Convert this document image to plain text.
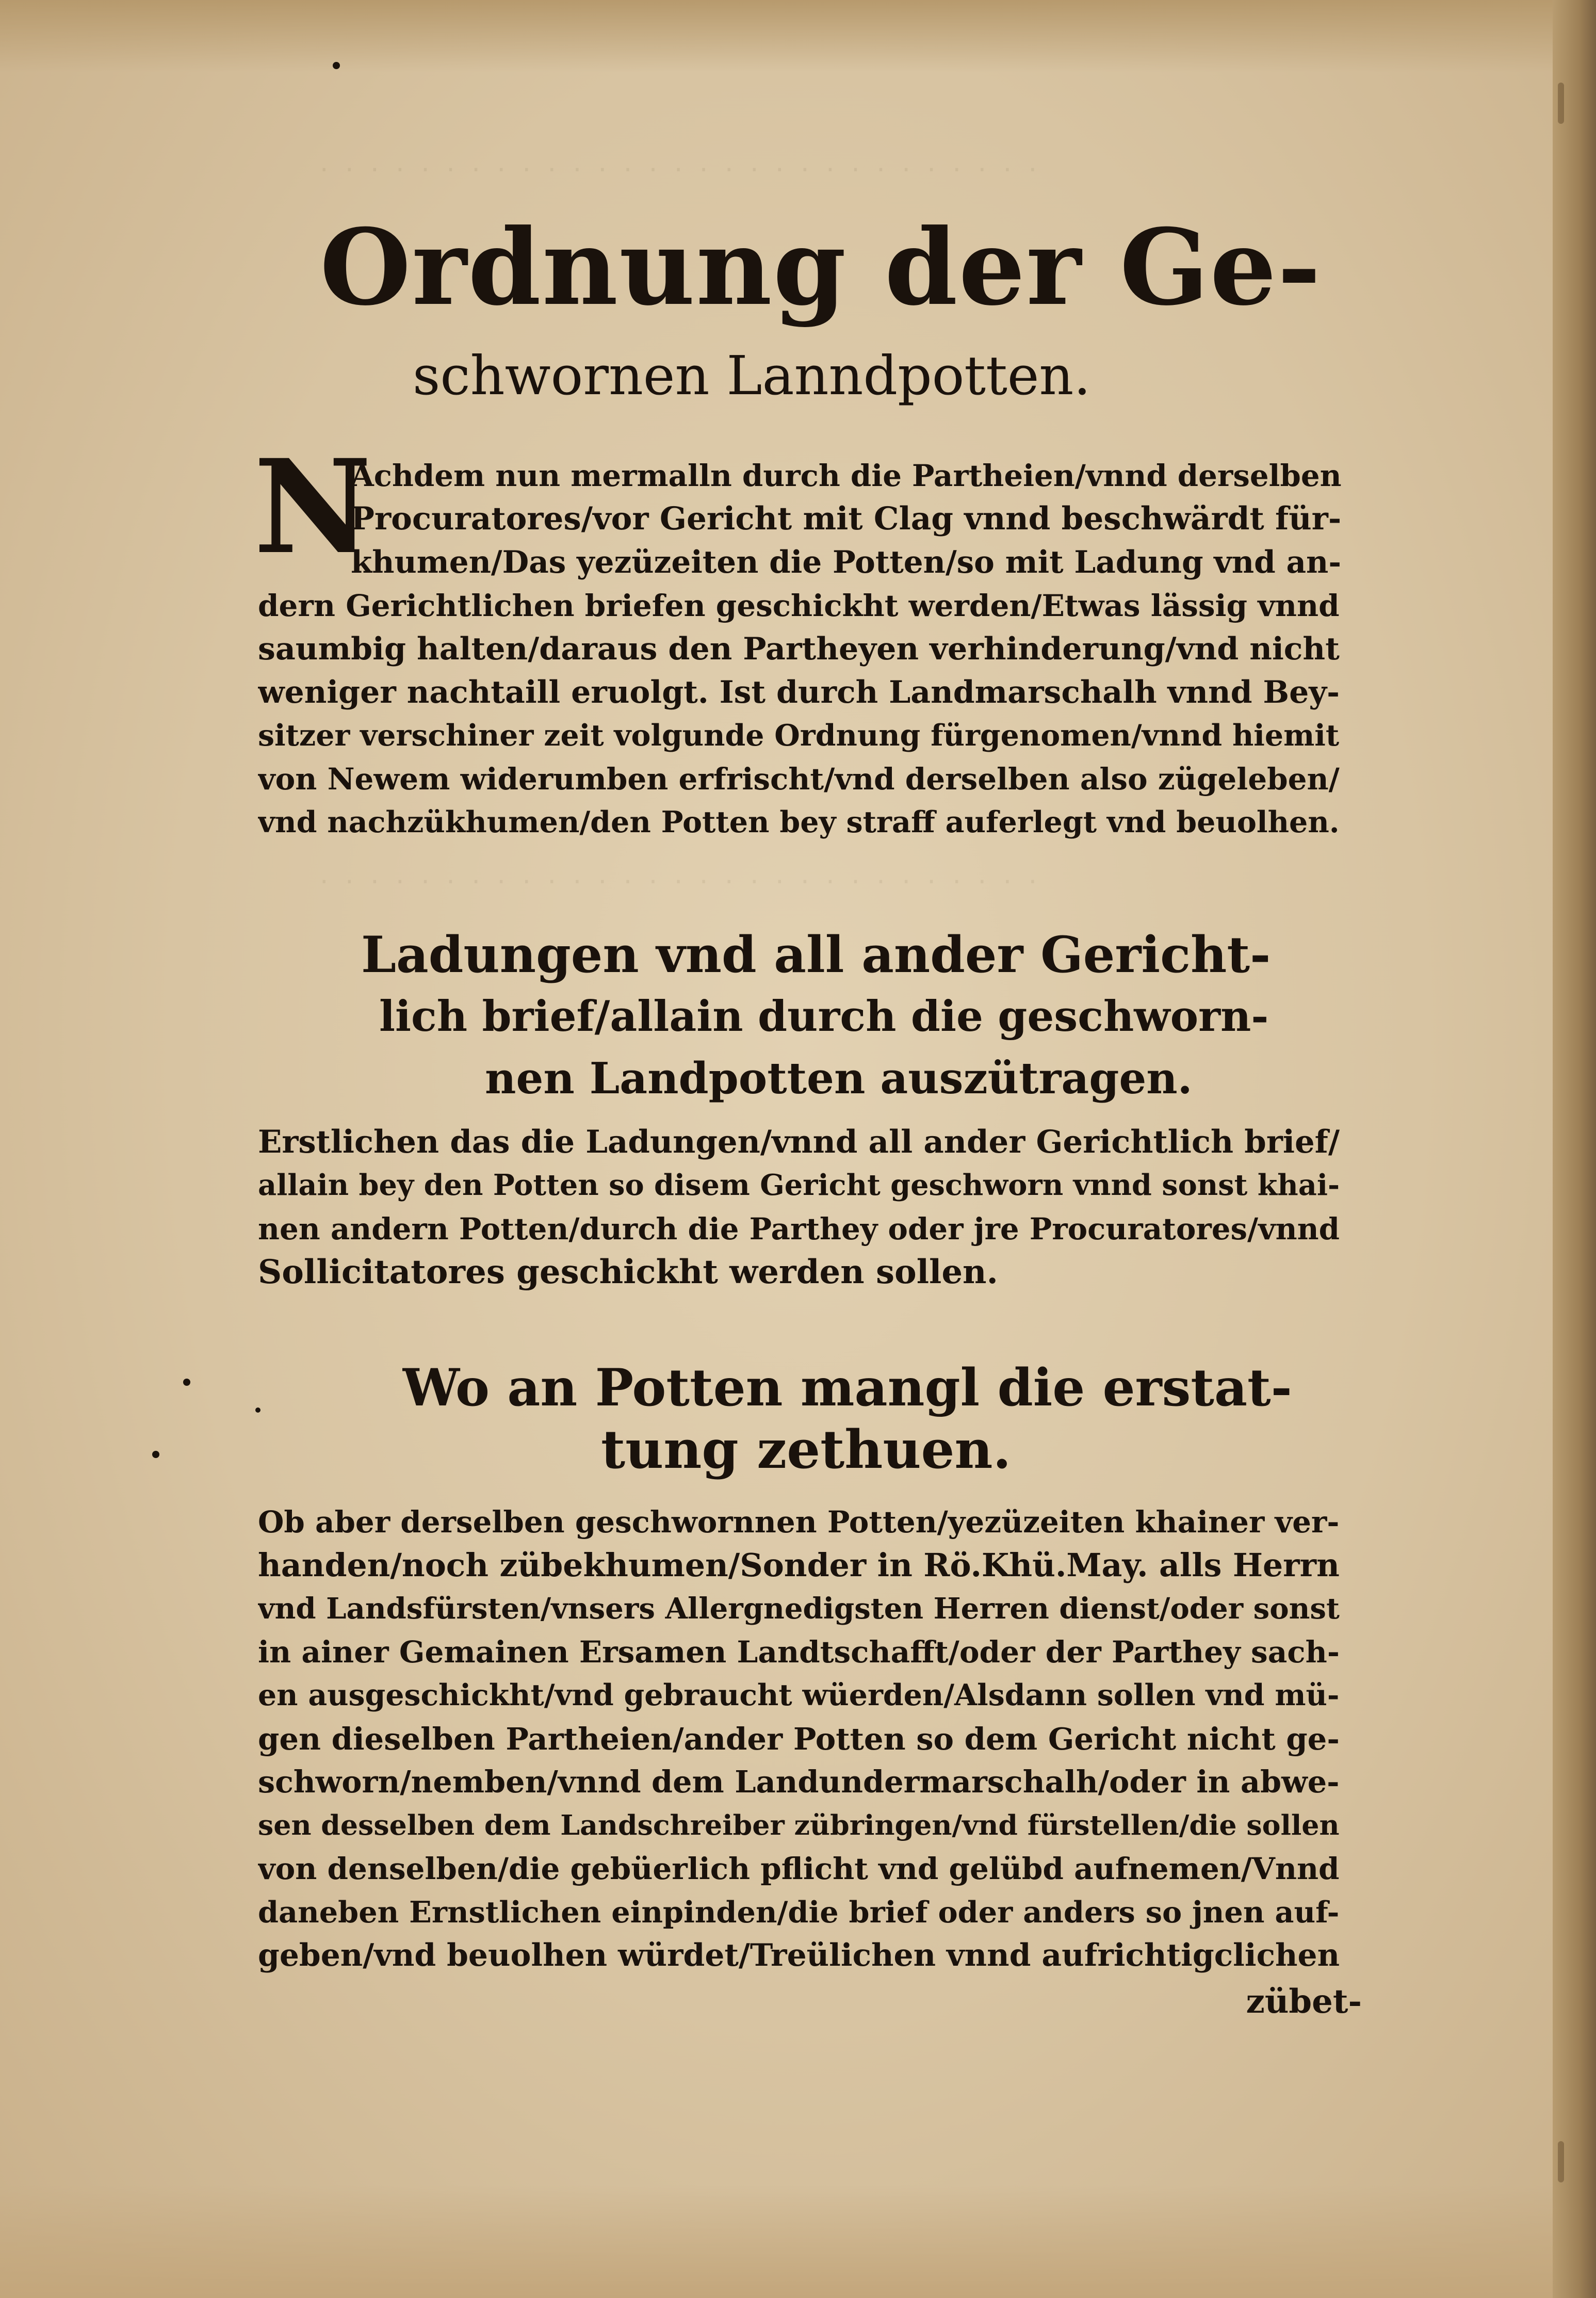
· · · · · · · · · · · · · · · · · · · · · · · · · · · · ·
· · · · · · · · · · · · · · · · · · · · · · · · · · · · ·
Ordnung der Ge-
schwornen Lanndpotten.
N
Achdem nun mermalln durch die Partheien/vnnd derselben
Procuratores/vor Gericht mit Clag vnnd beschwärdt für-
khumen/Das yezüzeiten die Potten/so mit Ladung vnd an-
dern Gerichtlichen briefen geschickht werden/Etwas lässig vnnd
saumbig halten/daraus den Partheyen verhinderung/vnd nicht
weniger nachtaill eruolgt. Ist durch Landmarschalh vnnd Bey-
sitzer verschiner zeit volgunde Ordnung fürgenomen/vnnd hiemit
von Newem widerumben erfrischt/vnd derselben also zügeleben/
vnd nachzükhumen/den Potten bey straff auferlegt vnd beuolhen.
Ladungen vnd all ander Gericht-
lich brief/allain durch die geschworn-
nen Landpotten auszütragen.
Erstlichen das die Ladungen/vnnd all ander Gerichtlich brief/
allain bey den Potten so disem Gericht geschworn vnnd sonst khai-
nen andern Potten/durch die Parthey oder jre Procuratores/vnnd
Sollicitatores geschickht werden sollen.
Wo an Potten mangl die erstat-
tung zethuen.
Ob aber derselben geschwornnen Potten/yezüzeiten khainer ver-
handen/noch zübekhumen/Sonder in Rö.Khü.May. alls Herrn
vnd Landsfürsten/vnsers Allergnedigsten Herren dienst/oder sonst
in ainer Gemainen Ersamen Landtschafft/oder der Parthey sach-
en ausgeschickht/vnd gebraucht wüerden/Alsdann sollen vnd mü-
gen dieselben Partheien/ander Potten so dem Gericht nicht ge-
schworn/nemben/vnnd dem Landundermarschalh/oder in abwe-
sen desselben dem Landschreiber zübringen/vnd fürstellen/die sollen
von denselben/die gebüerlich pflicht vnd gelübd aufnemen/Vnnd
daneben Ernstlichen einpinden/die brief oder anders so jnen auf-
geben/vnd beuolhen würdet/Treülichen vnnd aufrichtigclichen
zübet-
